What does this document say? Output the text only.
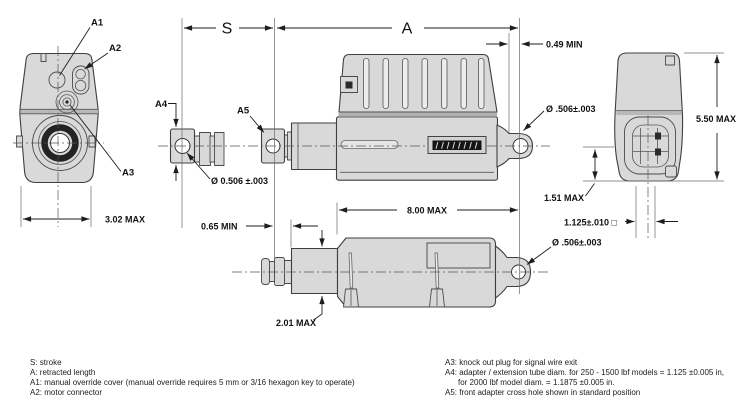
S	A
0.49 MIN
Ø .506±.003
5.50 MAX
1.51 MAX
1.125±.010 □
Ø .506±.003
8.00 MAX
0.65 MIN
2.01 MAX
3.02 MAX
Ø 0.506 ±.003
A1
A2
A3
A4
A5
S: stroke
A: retracted length
A1: manual override cover (manual override requires 5 mm or 3/16 hexagon key to operate)
A2: motor connector
A3: knock out plug for signal wire exit
A4: adapter / extension tube diam. for 250 - 1500 lbf models = 1.125 ±0.005 in,
for 2000 lbf model diam. = 1.1875 ±0.005 in.
A5: front adapter cross hole shown in standard position
